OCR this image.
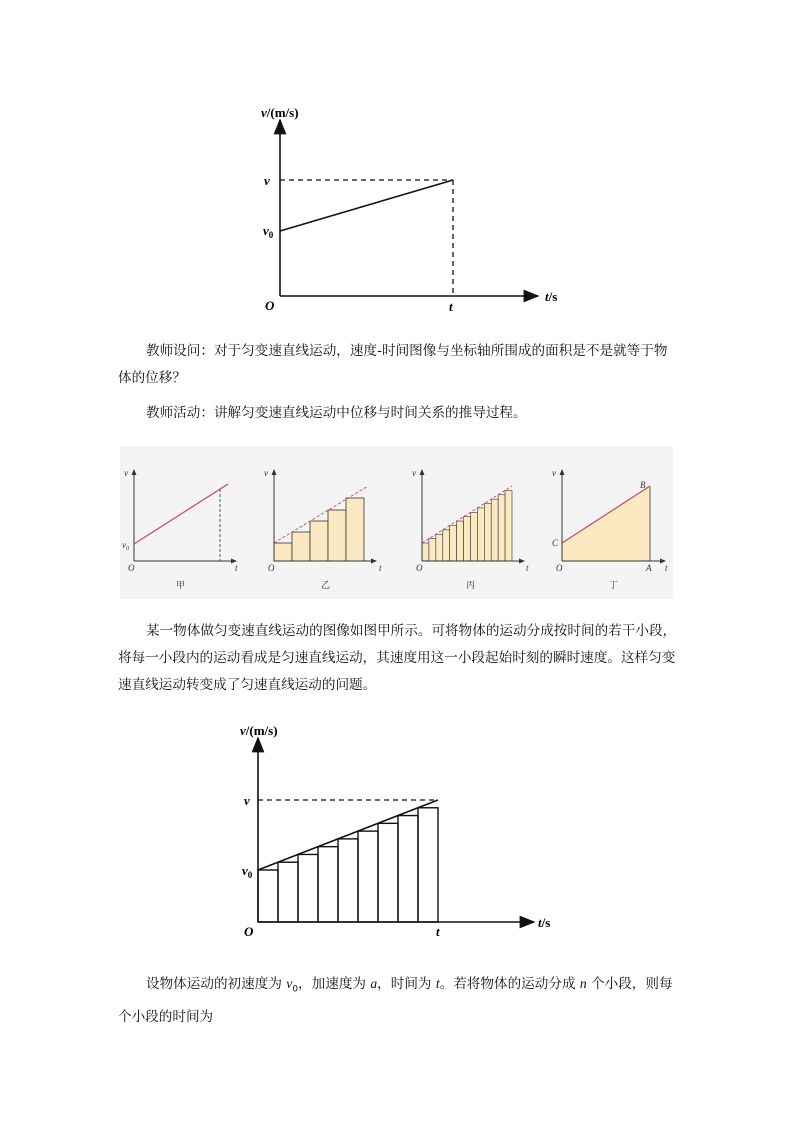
v/(m/s)
t/s
O
v
$v_0$
t

教师设问：对于匀变速直线运动，速度-时间图像与坐标轴所围成的面积是不是就等于物体的位移？

教师活动：讲解匀变速直线运动中位移与时间关系的推导过程。

v
$v_0$
O	t
甲
v
O	t
乙
v
O	t
丙
v
C
B
O	A t
丁

某一物体做匀变速直线运动的图像如图甲所示。可将物体的运动分成按时间的若干小段，将每一小段内的运动看成是匀速直线运动，其速度用这一小段起始时刻的瞬时速度。这样匀变速直线运动转变成了匀速直线运动的问题。

v/(m/s)
t/s
O
v
$v_0$
t

设物体运动的初速度为 $v_0$，加速度为 a，时间为 t。若将物体的运动分成 n 个小段，则每个小段的时间为
